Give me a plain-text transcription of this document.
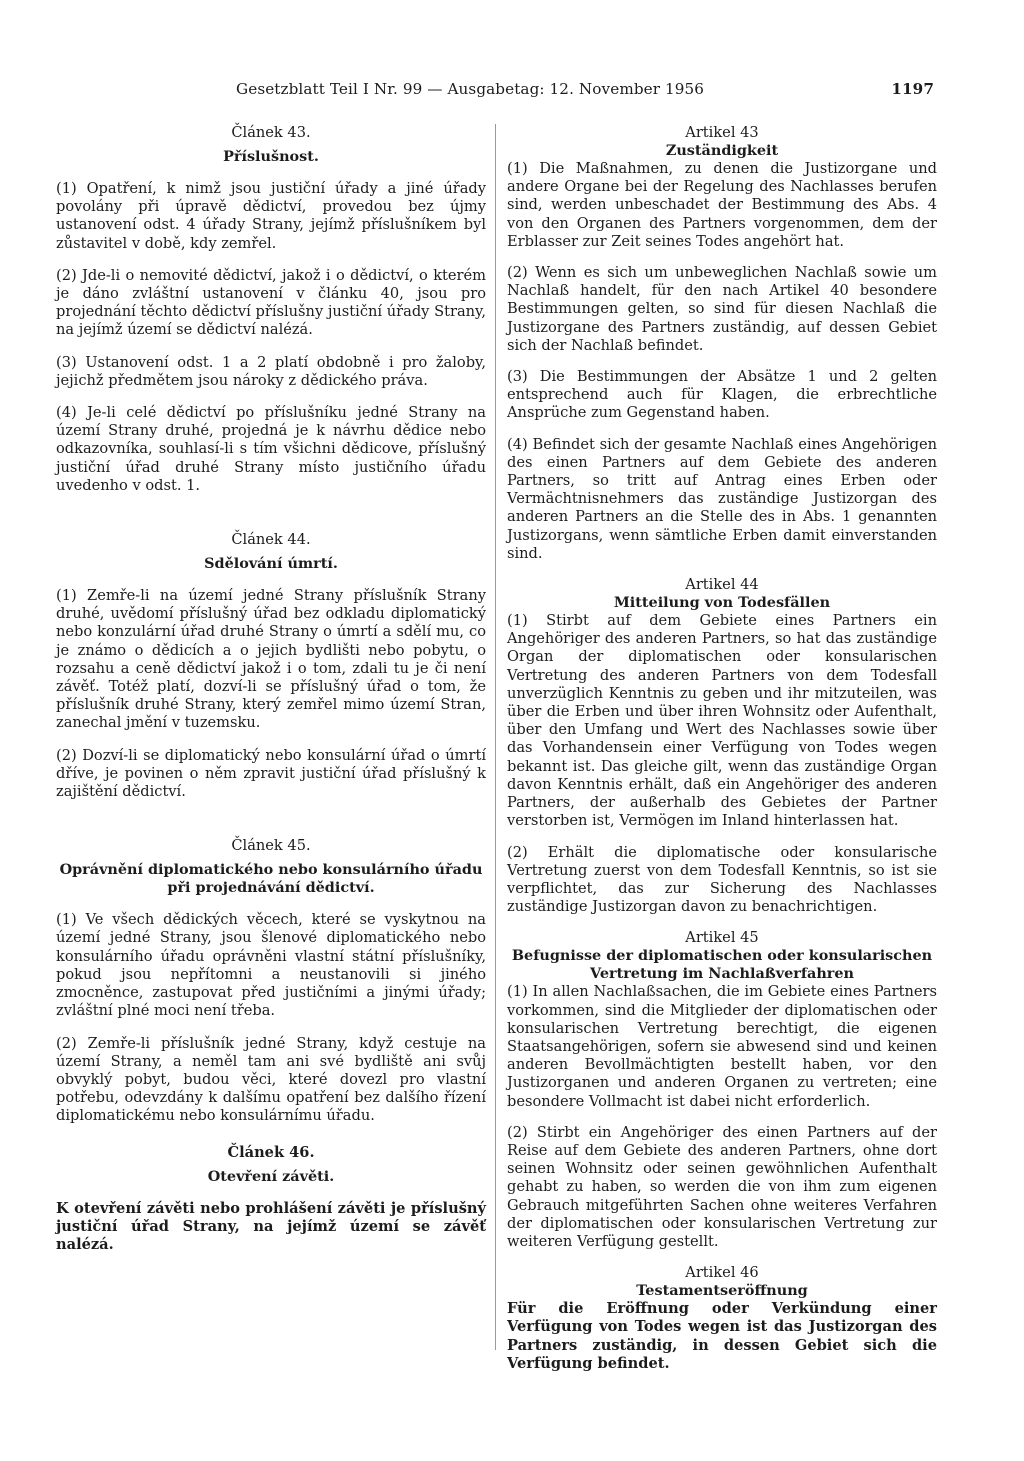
Gesetzblatt Teil I Nr. 99 — Ausgabetag: 12. November 1956	1197

Článek 43.

Příslušnost.

(1) Opatření, k nimž jsou justiční úřady a jiné úřady povolány při úpravě dědictví, provedou bez újmy ustanovení odst. 4 úřady Strany, jejímž příslušníkem byl zůstavitel v době, kdy zemřel.

(2) Jde-li o nemovité dědictví, jakož i o dědictví, o kterém je dáno zvláštní ustanovení v článku 40, jsou pro projednání těchto dědictví příslušny justiční úřady Strany, na jejímž území se dědictví nalézá.

(3) Ustanovení odst. 1 a 2 platí obdobně i pro žaloby, jejichž předmětem jsou nároky z dědického práva.

(4) Je-li celé dědictví po příslušníku jedné Strany na území Strany druhé, projedná je k návrhu dědice nebo odkazovníka, souhlasí-li s tím všichni dědicove, příslušný justiční úřad druhé Strany místo justičního úřadu uvedenho v odst. 1.

Článek 44.

Sdělování úmrtí.

(1) Zemře-li na území jedné Strany příslušník Strany druhé, uvědomí příslušný úřad bez odkladu diplomatický nebo konzulární úřad druhé Strany o úmrtí a sdělí mu, co je známo o dědicích a o jejich bydlišti nebo pobytu, o rozsahu a ceně dědictví jakož i o tom, zdali tu je či není závěť. Totéž platí, dozví-li se příslušný úřad o tom, že příslušník druhé Strany, který zemřel mimo území Stran, zanechal jmění v tuzemsku.

(2) Dozví-li se diplomatický nebo konsulární úřad o úmrtí dříve, je povinen o něm zpravit justiční úřad příslušný k zajištění dědictví.

Článek 45.

Oprávnění diplomatického nebo konsulárního úřadu

při projednávání dědictví.

(1) Ve všech dědických věcech, které se vyskytnou na území jedné Strany, jsou šlenové diplomatického nebo konsulárního úřadu oprávněni vlastní státní příslušníky, pokud jsou nepřítomni a neustanovili si jiného zmocněnce, zastupovat před justičními a jinými úřady; zvláštní plné moci není třeba.

(2) Zemře-li příslušník jedné Strany, když cestuje na území Strany, a neměl tam ani své bydliště ani svůj obvyklý pobyt, budou věci, které dovezl pro vlastní potřebu, odevzdány k dalšímu opatření bez dalšího řízení diplomatickému nebo konsulárnímu úřadu.

Článek 46.

Otevření závěti.

K otevření závěti nebo prohlášení závěti je příslušný justiční úřad Strany, na jejímž území se závěť nalézá.

Artikel 43

Zuständigkeit

(1) Die Maßnahmen, zu denen die Justizorgane und andere Organe bei der Regelung des Nachlasses berufen sind, werden unbeschadet der Bestimmung des Abs. 4 von den Organen des Partners vorgenommen, dem der Erblasser zur Zeit seines Todes angehört hat.

(2) Wenn es sich um unbeweglichen Nachlaß sowie um Nachlaß handelt, für den nach Artikel 40 besondere Bestimmungen gelten, so sind für diesen Nachlaß die Justizorgane des Partners zuständig, auf dessen Gebiet sich der Nachlaß befindet.

(3) Die Bestimmungen der Absätze 1 und 2 gelten entsprechend auch für Klagen, die erbrechtliche Ansprüche zum Gegenstand haben.

(4) Befindet sich der gesamte Nachlaß eines Angehörigen des einen Partners auf dem Gebiete des anderen Partners, so tritt auf Antrag eines Erben oder Vermächtnisnehmers das zuständige Justizorgan des anderen Partners an die Stelle des in Abs. 1 genannten Justizorgans, wenn sämtliche Erben damit einverstanden sind.

Artikel 44

Mitteilung von Todesfällen

(1) Stirbt auf dem Gebiete eines Partners ein Angehöriger des anderen Partners, so hat das zuständige Organ der diplomatischen oder konsularischen Vertretung des anderen Partners von dem Todesfall unverzüglich Kenntnis zu geben und ihr mitzuteilen, was über die Erben und über ihren Wohnsitz oder Aufenthalt, über den Umfang und Wert des Nachlasses sowie über das Vorhandensein einer Verfügung von Todes wegen bekannt ist. Das gleiche gilt, wenn das zuständige Organ davon Kenntnis erhält, daß ein Angehöriger des anderen Partners, der außerhalb des Gebietes der Partner verstorben ist, Vermögen im Inland hinterlassen hat.

(2) Erhält die diplomatische oder konsularische Vertretung zuerst von dem Todesfall Kenntnis, so ist sie verpflichtet, das zur Sicherung des Nachlasses zuständige Justizorgan davon zu benachrichtigen.

Artikel 45

Befugnisse der diplomatischen oder konsularischen

Vertretung im Nachlaßverfahren

(1) In allen Nachlaßsachen, die im Gebiete eines Partners vorkommen, sind die Mitglieder der diplomatischen oder konsularischen Vertretung berechtigt, die eigenen Staatsangehörigen, sofern sie abwesend sind und keinen anderen Bevollmächtigten bestellt haben, vor den Justizorganen und anderen Organen zu vertreten; eine besondere Vollmacht ist dabei nicht erforderlich.

(2) Stirbt ein Angehöriger des einen Partners auf der Reise auf dem Gebiete des anderen Partners, ohne dort seinen Wohnsitz oder seinen gewöhnlichen Aufenthalt gehabt zu haben, so werden die von ihm zum eigenen Gebrauch mitgeführten Sachen ohne weiteres Verfahren der diplomatischen oder konsularischen Vertretung zur weiteren Verfügung gestellt.

Artikel 46

Testamentseröffnung

Für die Eröffnung oder Verkündung einer Verfügung von Todes wegen ist das Justizorgan des Partners zuständig, in dessen Gebiet sich die Verfügung befindet.
